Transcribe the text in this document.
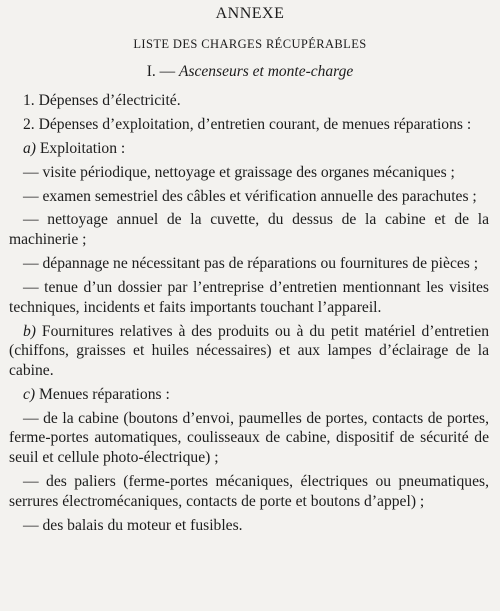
ANNEXE
LISTE DES CHARGES RÉCUPÉRABLES
I. — Ascenseurs et monte-charge

1. Dépenses d’électricité.

2. Dépenses d’exploitation, d’entretien courant, de menues réparations :

a) Exploitation :

— visite périodique, nettoyage et graissage des organes mécaniques ;

— examen semestriel des câbles et vérification annuelle des parachutes ;

— nettoyage annuel de la cuvette, du dessus de la cabine et de la machinerie ;

— dépannage ne nécessitant pas de réparations ou fournitures de pièces ;

— tenue d’un dossier par l’entreprise d’entretien mentionnant les visites techniques, incidents et faits importants touchant l’appareil.

b) Fournitures relatives à des produits ou à du petit matériel d’entretien (chiffons, graisses et huiles nécessaires) et aux lampes d’éclairage de la cabine.

c) Menues réparations :

— de la cabine (boutons d’envoi, paumelles de portes, contacts de portes, ferme-portes automatiques, coulisseaux de cabine, dispositif de sécurité de seuil et cellule photo-électrique) ;

— des paliers (ferme-portes mécaniques, électriques ou pneumatiques, serrures électromécaniques, contacts de porte et boutons d’appel) ;

— des balais du moteur et fusibles.
